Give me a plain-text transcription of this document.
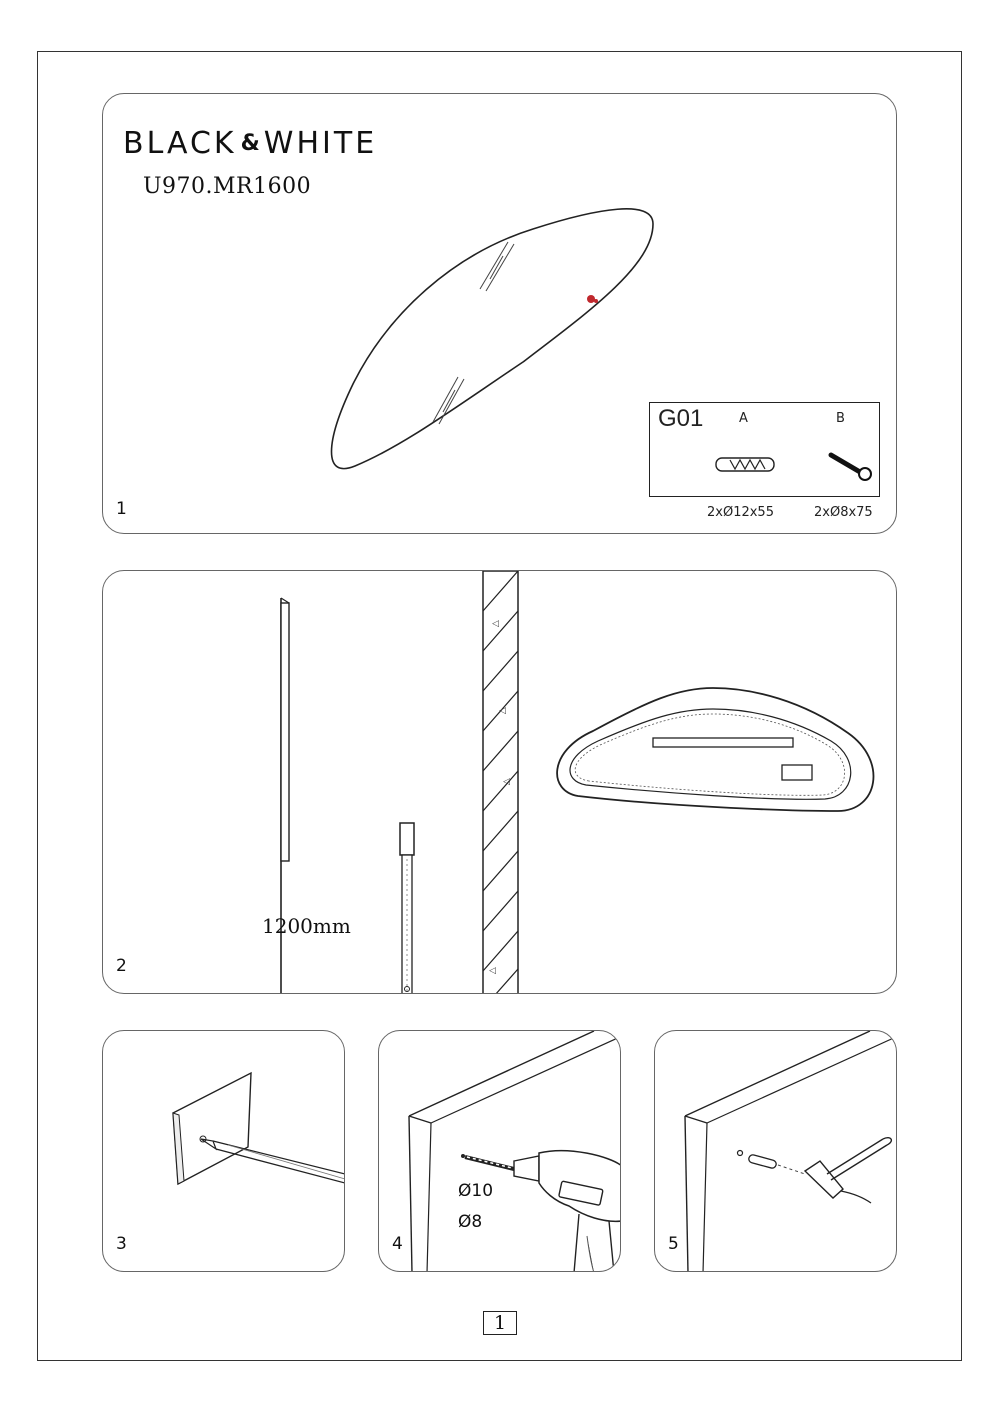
BLACK & WHITE
U970.MR1600
G01	A	B
2xØ12x55	2xØ8x75
1
◁
◁
◁
◁
1200mm
2
3
Ø10
Ø8
4	5
1
